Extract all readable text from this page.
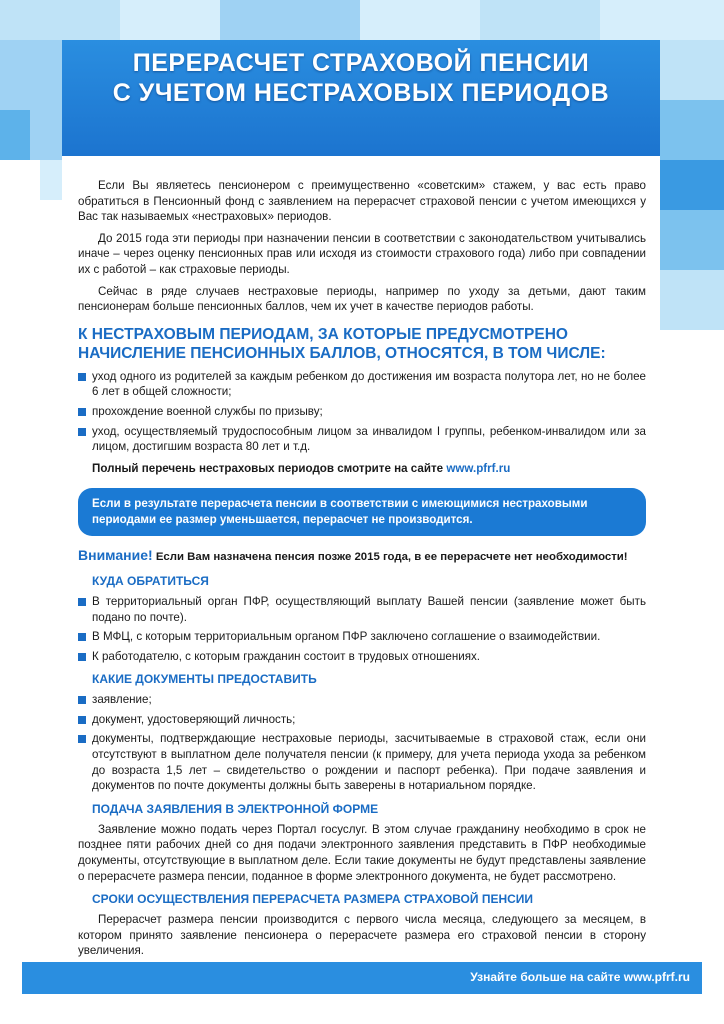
ПЕРЕРАСЧЕТ СТРАХОВОЙ ПЕНСИИ
С УЧЕТОМ НЕСТРАХОВЫХ ПЕРИОДОВ

Если Вы являетесь пенсионером с преимущественно «советским» стажем, у вас есть право обратиться в Пенсионный фонд с заявлением на перерасчет страховой пенсии с учетом имеющихся у Вас так называемых «нестраховых» периодов.

До 2015 года эти периоды при назначении пенсии в соответствии с законодательством учитывались иначе – через оценку пенсионных прав или исходя из стоимости страхового года) либо при совпадении их с работой – как страховые периоды.

Сейчас в ряде случаев нестраховые периоды, например по уходу за детьми, дают таким пенсионерам больше пенсионных баллов, чем их учет в качестве периодов работы.

К НЕСТРАХОВЫМ ПЕРИОДАМ, ЗА КОТОРЫЕ ПРЕДУСМОТРЕНО НАЧИСЛЕНИЕ ПЕНСИОННЫХ БАЛЛОВ, ОТНОСЯТСЯ, В ТОМ ЧИСЛЕ:
уход одного из родителей за каждым ребенком до достижения им возраста полутора лет, но не более 6 лет в общей сложности;
прохождение военной службы по призыву;
уход, осуществляемый трудоспособным лицом за инвалидом I группы, ребенком-инвалидом или за лицом, достигшим возраста 80 лет и т.д.
Полный перечень нестраховых периодов смотрите на сайте www.pfrf.ru
Если в результате перерасчета пенсии в соответствии с имеющимися нестраховыми периодами ее размер уменьшается, перерасчет не производится.
Внимание! Если Вам назначена пенсия позже 2015 года, в ее перерасчете нет необходимости!
КУДА ОБРАТИТЬСЯ
В территориальный орган ПФР, осуществляющий выплату Вашей пенсии (заявление может быть подано по почте).
В МФЦ, с которым территориальным органом ПФР заключено соглашение о взаимодействии.
К работодателю, с которым гражданин состоит в трудовых отношениях.
КАКИЕ ДОКУМЕНТЫ ПРЕДОСТАВИТЬ
заявление;
документ, удостоверяющий личность;
документы, подтверждающие нестраховые периоды, засчитываемые в страховой стаж, если они отсутствуют в выплатном деле получателя пенсии (к примеру, для учета периода ухода за ребенком до возраста 1,5 лет – свидетельство о рождении и паспорт ребенка). При подаче заявления и документов по почте документы должны быть заверены в нотариальном порядке.
ПОДАЧА ЗАЯВЛЕНИЯ В ЭЛЕКТРОННОЙ ФОРМЕ

Заявление можно подать через Портал госуслуг. В этом случае гражданину необходимо в срок не позднее пяти рабочих дней со дня подачи электронного заявления представить в ПФР необходимые документы, отсутствующие в выплатном деле. Если такие документы не будут представлены заявление о перерасчете размера пенсии, поданное в форме электронного документа, не будет рассмотрено.

СРОКИ ОСУЩЕСТВЛЕНИЯ ПЕРЕРАСЧЕТА РАЗМЕРА СТРАХОВОЙ ПЕНСИИ

Перерасчет размера пенсии производится с первого числа месяца, следующего за месяцем, в котором принято заявление пенсионера о перерасчете размера его страховой пенсии в сторону увеличения.

Узнайте больше на сайте www.pfrf.ru
